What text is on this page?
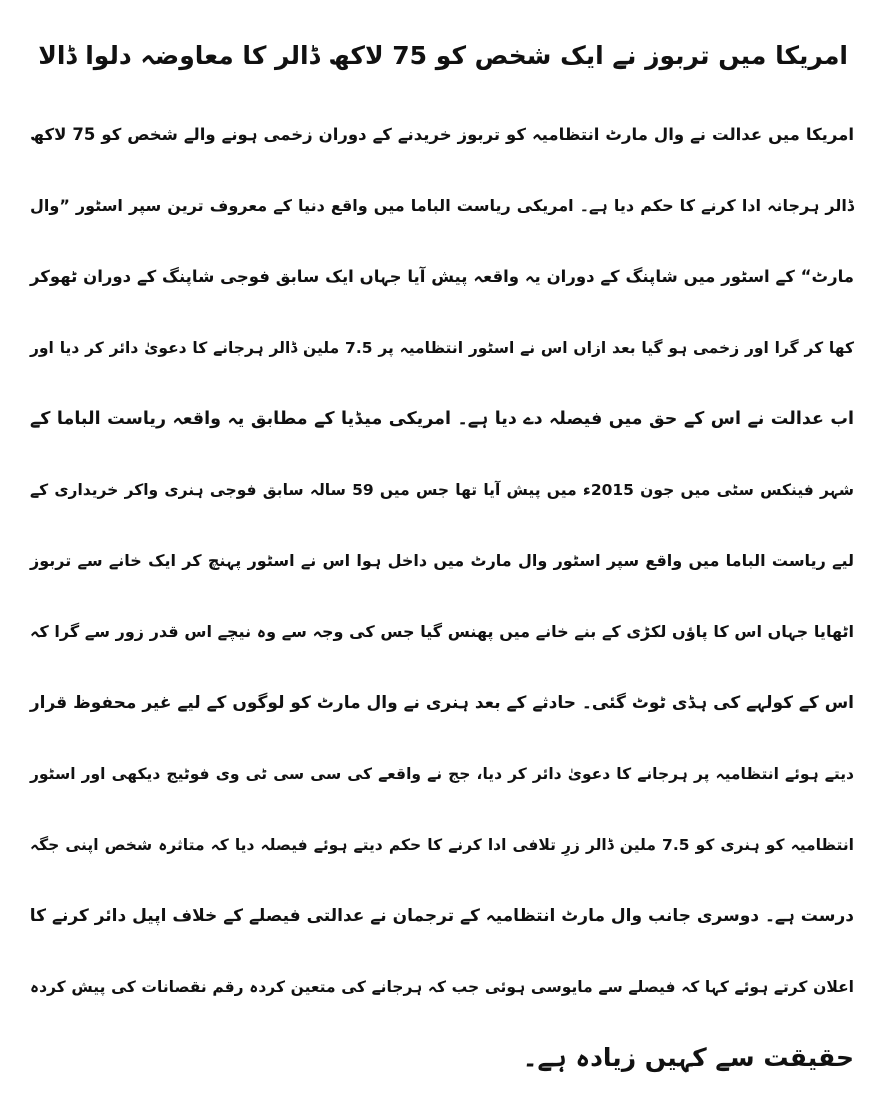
امریکا میں تربوز نے ایک شخص کو 75 لاکھ ڈالر کا معاوضہ دلوا ڈالا
امریکا میں عدالت نے وال مارٹ انتظامیہ کو تربوز خریدنے کے دوران زخمی ہونے والے شخص کو 75 لاکھ
ڈالر ہرجانہ ادا کرنے کا حکم دیا ہے۔ امریکی ریاست الباما میں واقع دنیا کے معروف ترین سپر اسٹور ”وال
مارٹ“ کے اسٹور میں شاپنگ کے دوران یہ واقعہ پیش آیا جہاں ایک سابق فوجی شاپنگ کے دوران ٹھوکر
کھا کر گرا اور زخمی ہو گیا بعد ازاں اس نے اسٹور انتظامیہ پر 7.5 ملین ڈالر ہرجانے کا دعویٰ دائر کر دیا اور
اب عدالت نے اس کے حق میں فیصلہ دے دیا ہے۔ امریکی میڈیا کے مطابق یہ واقعہ ریاست الباما کے
شہر فینکس سٹی میں جون 2015ء میں پیش آیا تھا جس میں 59 سالہ سابق فوجی ہنری واکر خریداری کے
لیے ریاست الباما میں واقع سپر اسٹور وال مارٹ میں داخل ہوا اس نے اسٹور پہنچ کر ایک خانے سے تربوز
اٹھایا جہاں اس کا پاؤں لکڑی کے بنے خانے میں پھنس گیا جس کی وجہ سے وہ نیچے اس قدر زور سے گرا کہ
اس کے کولہے کی ہڈی ٹوٹ گئی۔ حادثے کے بعد ہنری نے وال مارٹ کو لوگوں کے لیے غیر محفوظ قرار
دیتے ہوئے انتظامیہ پر ہرجانے کا دعویٰ دائر کر دیا، جج نے واقعے کی سی سی ٹی وی فوٹیج دیکھی اور اسٹور
انتظامیہ کو ہنری کو 7.5 ملین ڈالر زرِ تلافی ادا کرنے کا حکم دیتے ہوئے فیصلہ دیا کہ متاثرہ شخص اپنی جگہ
درست ہے۔ دوسری جانب وال مارٹ انتظامیہ کے ترجمان نے عدالتی فیصلے کے خلاف اپیل دائر کرنے کا
اعلان کرتے ہوئے کہا کہ فیصلے سے مایوسی ہوئی جب کہ ہرجانے کی متعین کردہ رقم نقصانات کی پیش کردہ
حقیقت سے کہیں زیادہ ہے۔
